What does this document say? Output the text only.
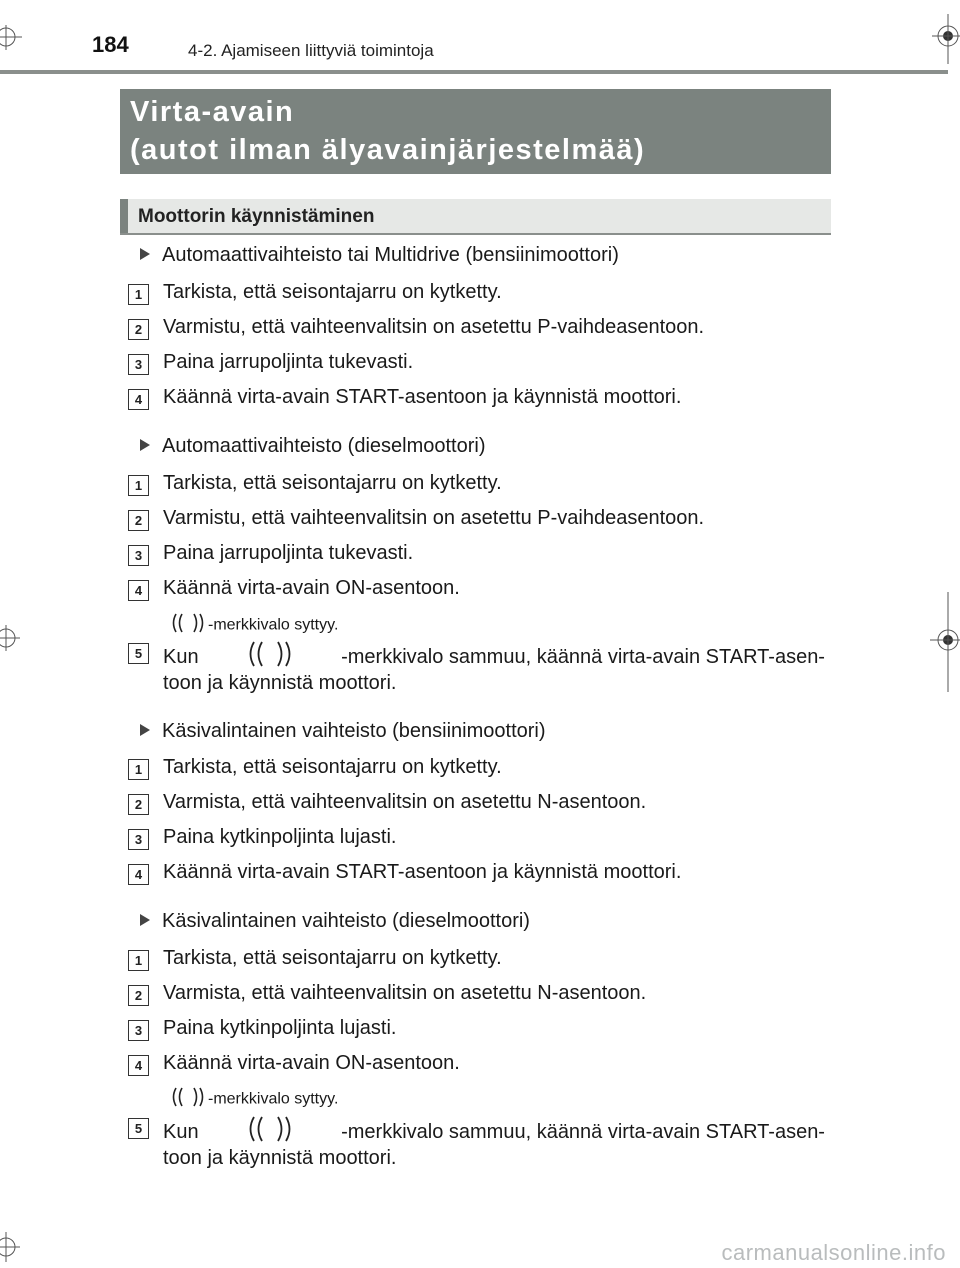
184	4-2. Ajamiseen liittyviä toimintoja
Virta-avain
(autot ilman älyavainjärjestelmää)
Moottorin käynnistäminen
Automaattivaihteisto tai Multidrive (bensiinimoottori)
1	Tarkista, että seisontajarru on kytketty.
2	Varmistu, että vaihteenvalitsin on asetettu P-vaihdeasentoon.
3	Paina jarrupoljinta tukevasti.
4	Käännä virta-avain START-asentoon ja käynnistä moottori.
Automaattivaihteisto (dieselmoottori)
1	Tarkista, että seisontajarru on kytketty.
2	Varmistu, että vaihteenvalitsin on asetettu P-vaihdeasentoon.
3	Paina jarrupoljinta tukevasti.
4	Käännä virta-avain ON-asentoon.
-merkkivalo syttyy.
5	Kun	-merkkivalo sammuu, käännä virta-avain START-asen-
toon ja käynnistä moottori.
Käsivalintainen vaihteisto (bensiinimoottori)
1	Tarkista, että seisontajarru on kytketty.
2	Varmista, että vaihteenvalitsin on asetettu N-asentoon.
3	Paina kytkinpoljinta lujasti.
4	Käännä virta-avain START-asentoon ja käynnistä moottori.
Käsivalintainen vaihteisto (dieselmoottori)
1	Tarkista, että seisontajarru on kytketty.
2	Varmista, että vaihteenvalitsin on asetettu N-asentoon.
3	Paina kytkinpoljinta lujasti.
4	Käännä virta-avain ON-asentoon.
-merkkivalo syttyy.
5	Kun	-merkkivalo sammuu, käännä virta-avain START-asen-
toon ja käynnistä moottori.
carmanualsonline.info
